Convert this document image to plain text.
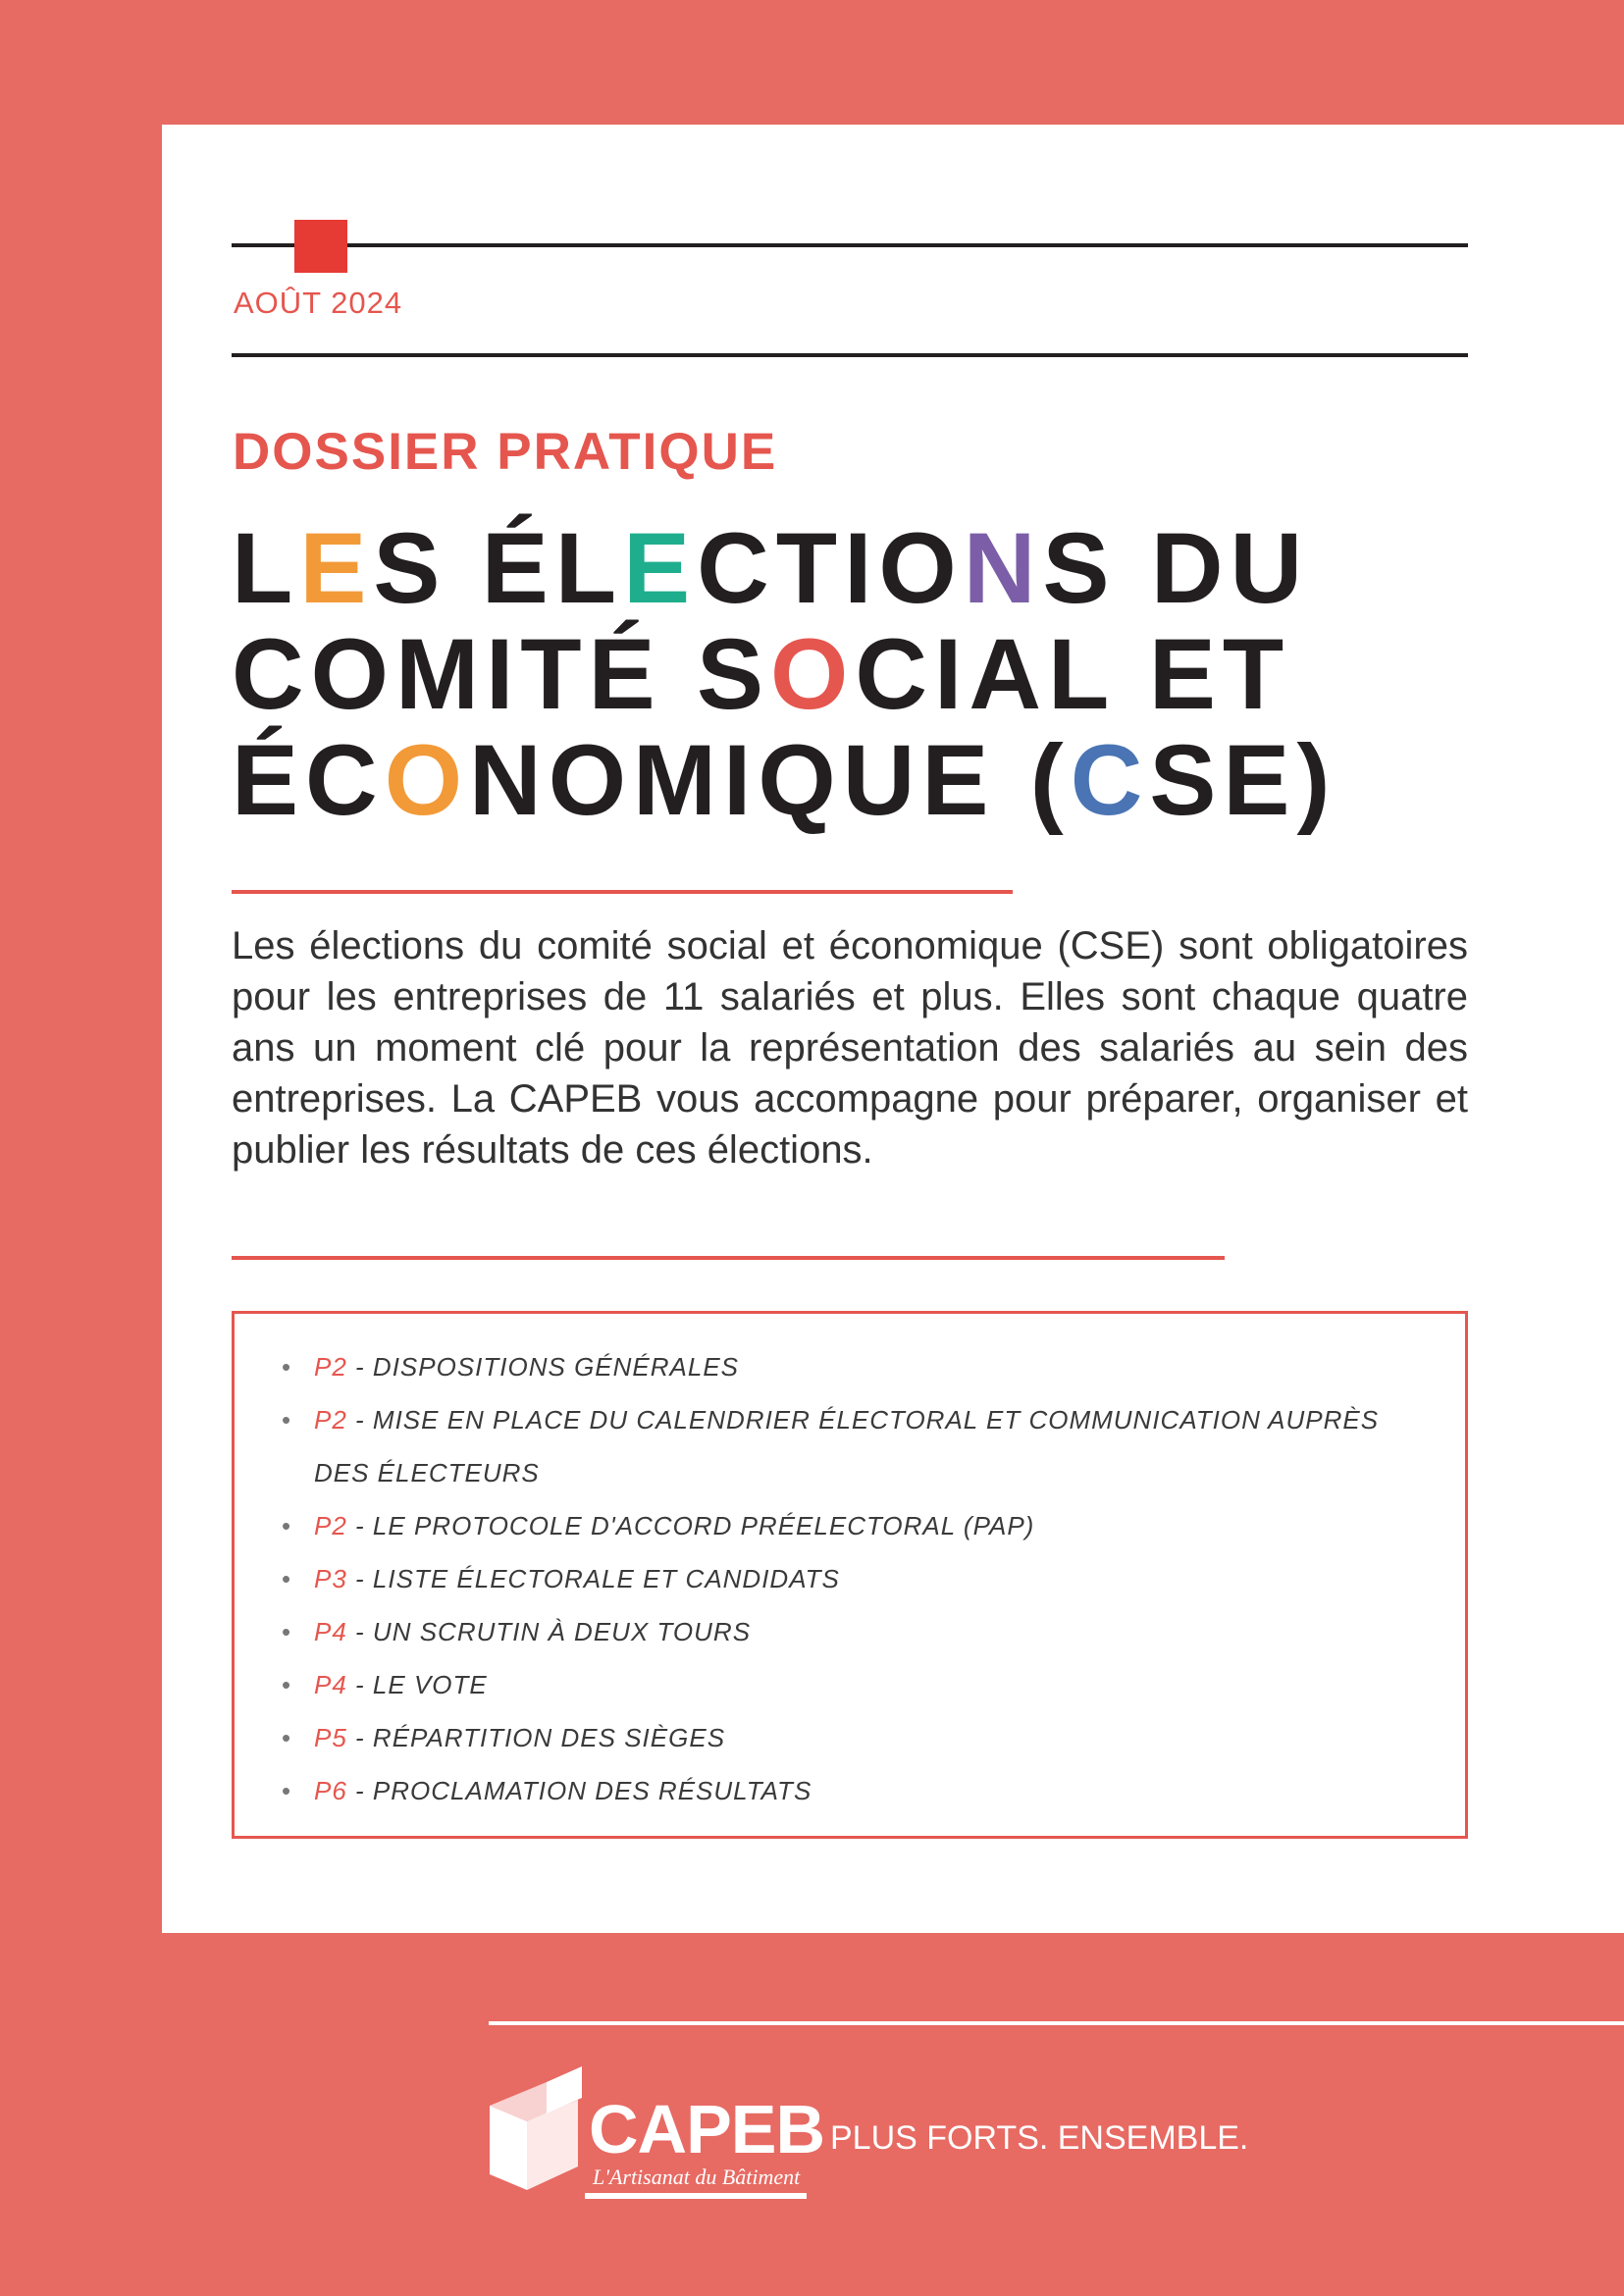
AOÛT 2024
DOSSIER PRATIQUE
LES ÉLECTIONS DU
COMITÉ SOCIAL ET
ÉCONOMIQUE (CSE)

Les élections du comité social et économique (CSE) sont obligatoires pour les entreprises de 11 salariés et plus. Elles sont chaque quatre ans un moment clé pour la représentation des salariés au sein des entreprises. La CAPEB vous accompagne pour préparer, organiser et publier les résultats de ces élections.

• P2 - DISPOSITIONS GÉNÉRALES
• P2 - MISE EN PLACE DU CALENDRIER ÉLECTORAL ET COMMUNICATION AUPRÈS DES ÉLECTEURS
• P2 - LE PROTOCOLE D'ACCORD PRÉELECTORAL (PAP)
• P3 - LISTE ÉLECTORALE ET CANDIDATS
• P4 - UN SCRUTIN À DEUX TOURS
• P4 - LE VOTE
• P5 - RÉPARTITION DES SIÈGES
• P6 - PROCLAMATION DES RÉSULTATS
CAPEB
L'Artisanat du Bâtiment
PLUS FORTS. ENSEMBLE.
